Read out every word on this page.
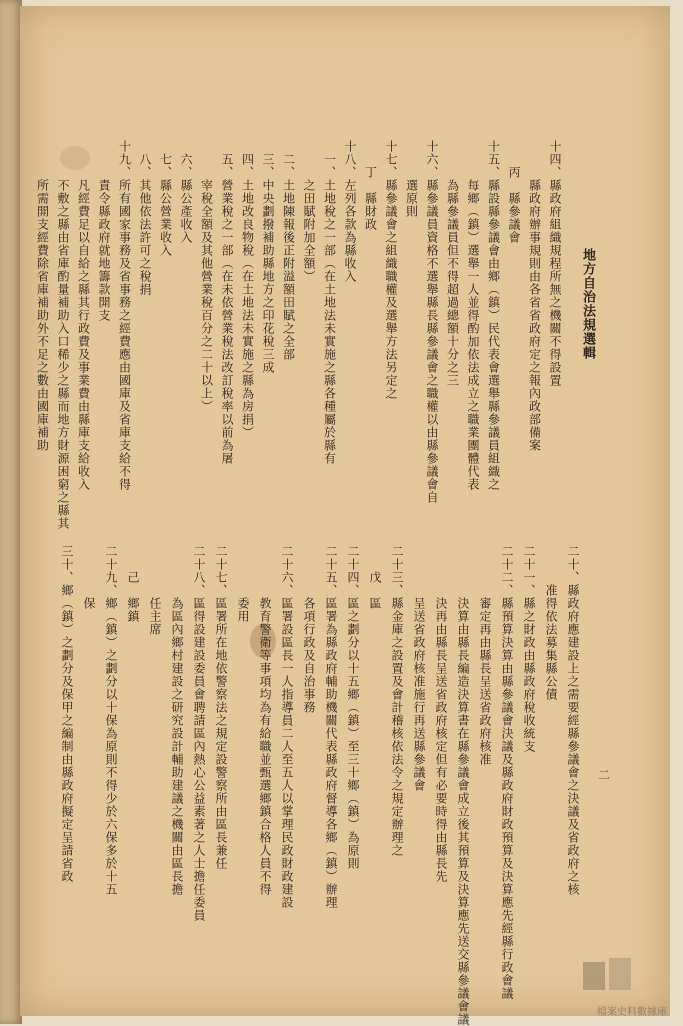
地方自治法規選輯
十四、縣政府組織規程所無之機關不得設置
　　　縣政府辦事規則由各省省政府定之報內政部備案
　　丙　縣參議會
十五、縣設縣參議會由鄉（鎮）民代表會選舉縣參議員組織之
　　　每鄉（鎮）選舉一人並得酌加依法成立之職業團體代表
　　　為縣參議員但不得超過總額十分之三
十六、縣參議員資格不選舉縣長縣參議會之職權以由縣參議會自
　　　選原則
十七、縣參議會之組織職權及選舉方法另定之
　　丁　縣財政
十八、左列各款為縣收入
　一、土地稅之一部（在土地法未實施之縣各種屬於縣有
　　　之田賦附加全額）
　二、土地陳報後正附溢額田賦之全部
　三、中央劃撥補助縣地方之印花稅三成
　四、土地改良物稅（在土地法未實施之縣為房捐）
　五、營業稅之一部（在未依營業稅法改訂稅率以前為屠
　　　宰稅全額及其他營業稅百分之二十以上）
　六、縣公產收入
　七、縣公營業收入
　八、其他依法許可之稅捐
十九、所有國家事務及省事務之經費應由國庫及省庫支給不得
　　　責令縣政府就地籌款開支
　　　凡經費足以自給之縣其行政費及事業費由縣庫支給收入
　　　不敷之縣由省庫酌量補助入口稀少之縣而地方財源困窮之縣其
　　　所需開支經費除省庫補助外不足之數由國庫補助
二十、縣政府應建設上之需要經縣參議會之決議及省政府之核
　　　准得依法募集縣公債
二十一、縣之財政由縣政府稅收統支
二十二、縣預算決算由縣參議會決議及縣政府財政預算及決算應先經縣行政會議
　　　　審定再由縣長呈送省政府核准
　　　　決算由縣長編造決算書在縣參議會成立後其預算及決算應先送交縣參議會議
　　　　決再由縣長呈送省政府核定但有必要時得由縣長先
　　　　呈送省政府核准施行再送縣參議會
二十三、縣金庫之設置及會計稽核依法令之規定辦理之
　　戊　區
二十四、區之劃分以十五鄉（鎮）至三十鄉（鎮）為原則
二十五、區署為縣政府輔助機關代表縣政府督導各鄉（鎮）辦理
　　　　各項行政及自治事務
二十六、區署設區長一人指導員二人至五人以掌理民政財政建設
　　　　教育警衛等事項均為有給職並甄選鄉鎮合格人員不得
　　　　委用
二十七、區署所在地依警察法之規定設警察所由區長兼任
二十八、區得設建設委員會聘請區內熱心公益素著之人士擔任委員
　　　　為區內鄉村建設之研究設計輔助建議之機關由區長擔
　　　　任主席
　　己　鄉鎮
二十九、鄉（鎮）之劃分以十保為原則不得少於六保多於十五
　　　　保
三十、鄉（鎮）之劃分及保甲之編制由縣政府擬定呈請省政	二
檔案史料數據庫
